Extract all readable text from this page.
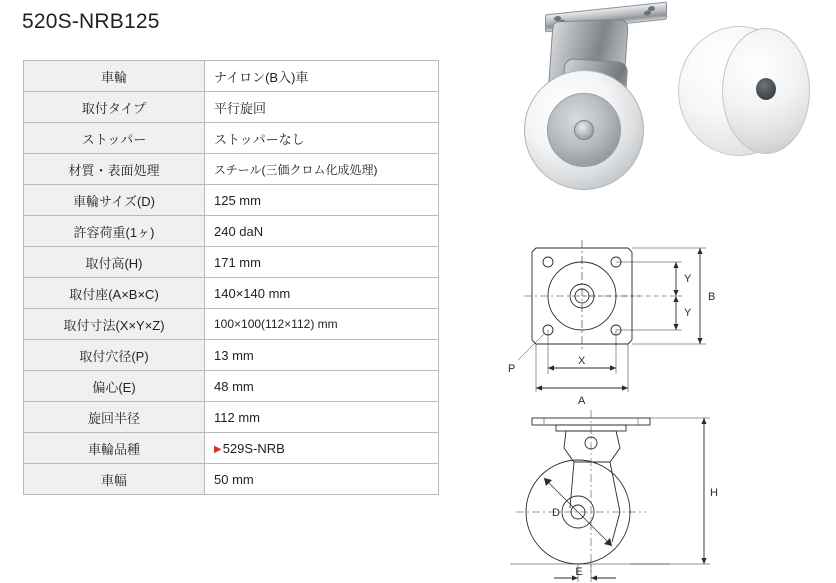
520S-NRB125
車輪	ナイロン(B入)車
取付タイプ	平行旋回
ストッパー	ストッパーなし
材質・表面処理	スチール(三価クロム化成処理)
車輪サイズ(D)	125 mm
許容荷重(1ヶ)	240 daN
取付高(H)	171 mm
取付座(A×B×C)	140×140 mm
取付寸法(X×Y×Z)	100×100(112×112) mm
取付穴径(P)	13 mm
偏心(E)	48 mm
旋回半径	112 mm
車輪品種	▶529S-NRB
車幅	50 mm
Y
Y
B
X
A
P
H
D
E
